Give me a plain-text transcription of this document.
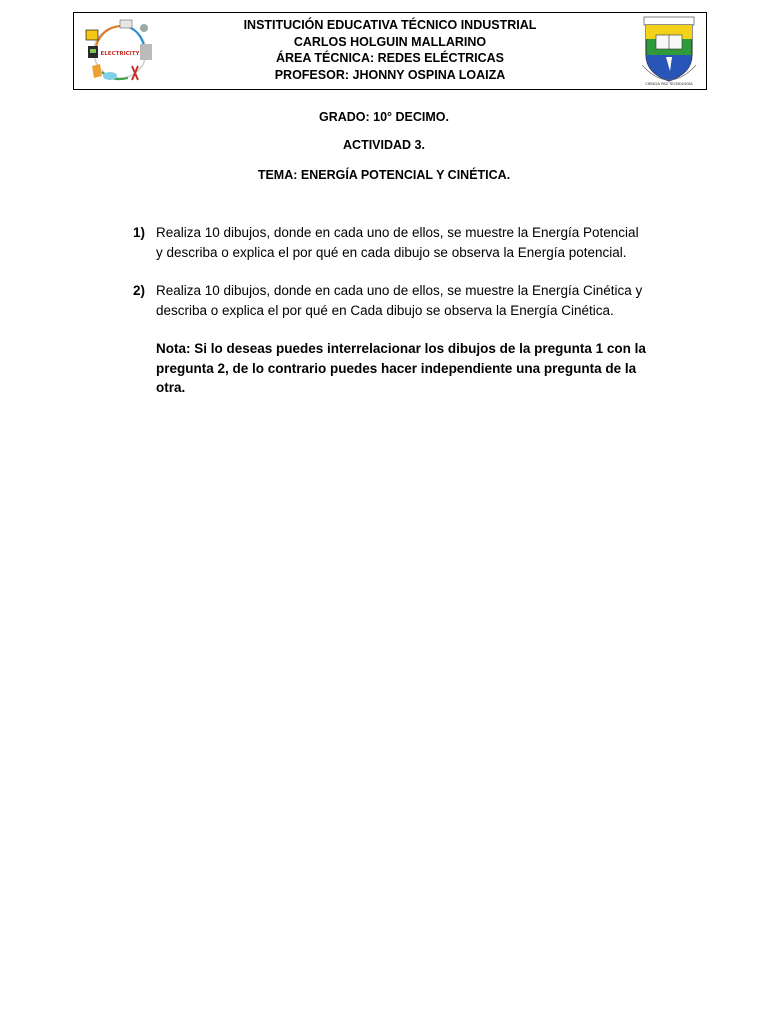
ELECTRICITY
INSTITUCIÓN EDUCATIVA TÉCNICO INDUSTRIAL
CARLOS HOLGUIN MALLARINO
ÁREA TÉCNICA: REDES ELÉCTRICAS
PROFESOR: JHONNY OSPINA LOAIZA
CIENCIA PAZ TECNOLOGÍA
GRADO: 10° DECIMO.
ACTIVIDAD 3.
TEMA: ENERGÍA POTENCIAL Y CINÉTICA.
1) Realiza 10 dibujos, donde en cada uno de ellos, se muestre la Energía Potencial
y describa o explica el por qué en cada dibujo se observa la Energía potencial.
2) Realiza 10 dibujos, donde en cada uno de ellos, se muestre la Energía Cinética y
describa o explica el por qué en Cada dibujo se observa la Energía Cinética.
Nota: Si lo deseas puedes interrelacionar los dibujos de la pregunta 1 con la
pregunta 2, de lo contrario puedes hacer independiente una pregunta de la
otra.
